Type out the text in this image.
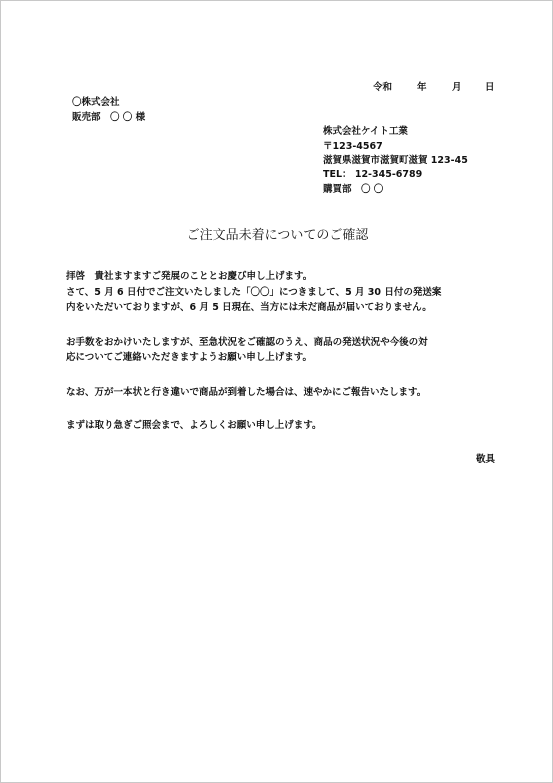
令和	年	月 日
〇株式会社
販売部　〇 〇 様
株式会社ケイト工業
〒123-4567
滋賀県滋賀市滋賀町滋賀 123-45
TEL： 12-345-6789
購買部　〇 〇
ご注文品未着についてのご確認
拝啓　貴社ますますご発展のこととお慶び申し上げます。
さて、5 月 6 日付でご注文いたしました「〇〇」につきまして、5 月 30 日付の発送案
内をいただいておりますが、6 月 5 日現在、当方には未だ商品が届いておりません。
お手数をおかけいたしますが、至急状況をご確認のうえ、商品の発送状況や今後の対
応についてご連絡いただきますようお願い申し上げます。
なお、万が一本状と行き違いで商品が到着した場合は、速やかにご報告いたします。
まずは取り急ぎご照会まで、よろしくお願い申し上げます。
敬具
